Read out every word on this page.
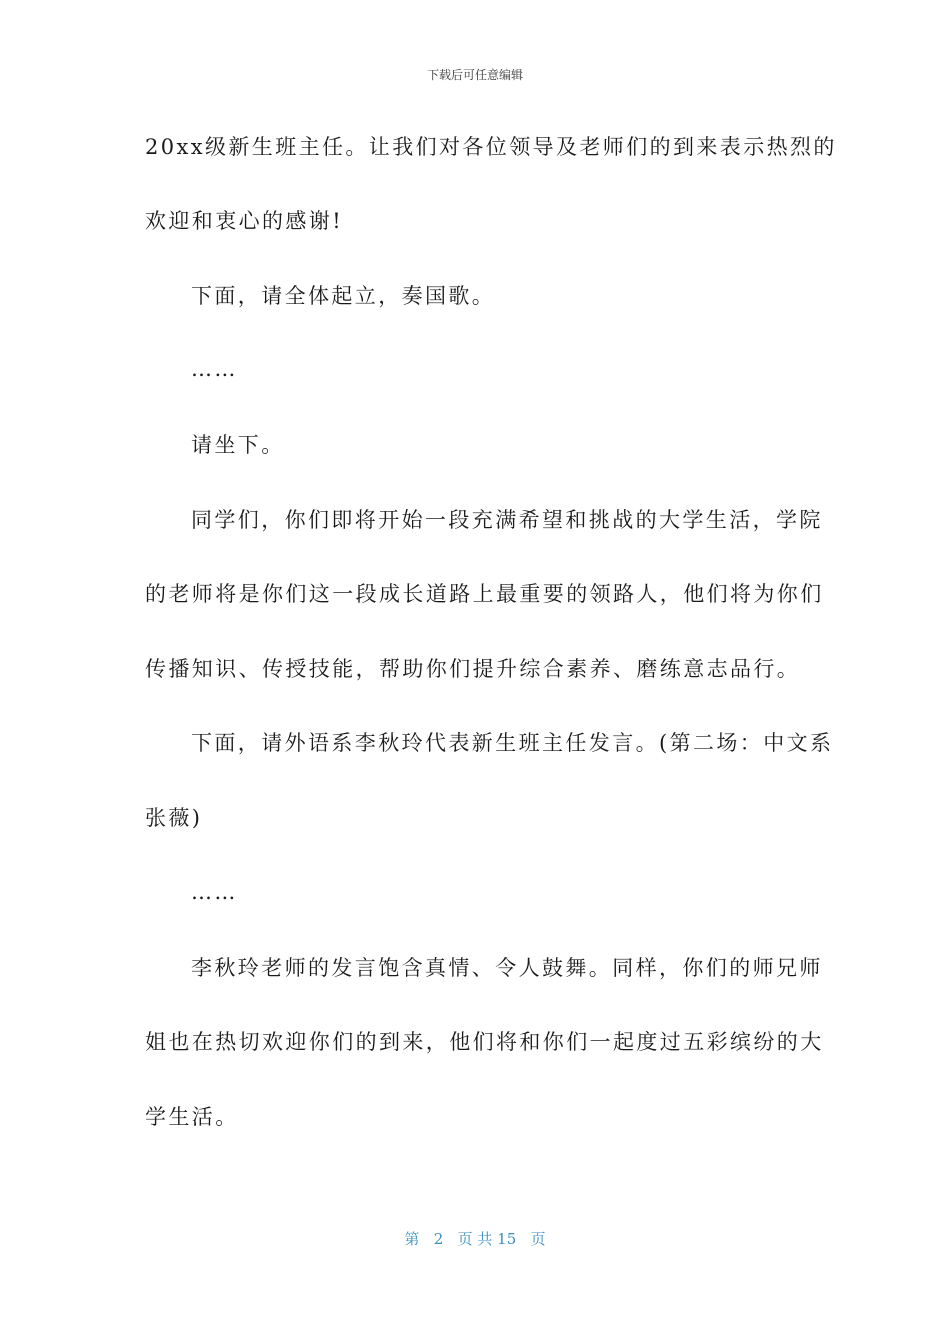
下载后可任意编辑
20xx级新生班主任。让我们对各位领导及老师们的到来表示热烈的
欢迎和衷心的感谢!
下面，请全体起立，奏国歌。
……
请坐下。
同学们，你们即将开始一段充满希望和挑战的大学生活，学院
的老师将是你们这一段成长道路上最重要的领路人，他们将为你们
传播知识、传授技能，帮助你们提升综合素养、磨练意志品行。
下面，请外语系李秋玲代表新生班主任发言。(第二场：中文系
张薇)
……
李秋玲老师的发言饱含真情、令人鼓舞。同样，你们的师兄师
姐也在热切欢迎你们的到来，他们将和你们一起度过五彩缤纷的大
学生活。
第 2 页 共 15 页
